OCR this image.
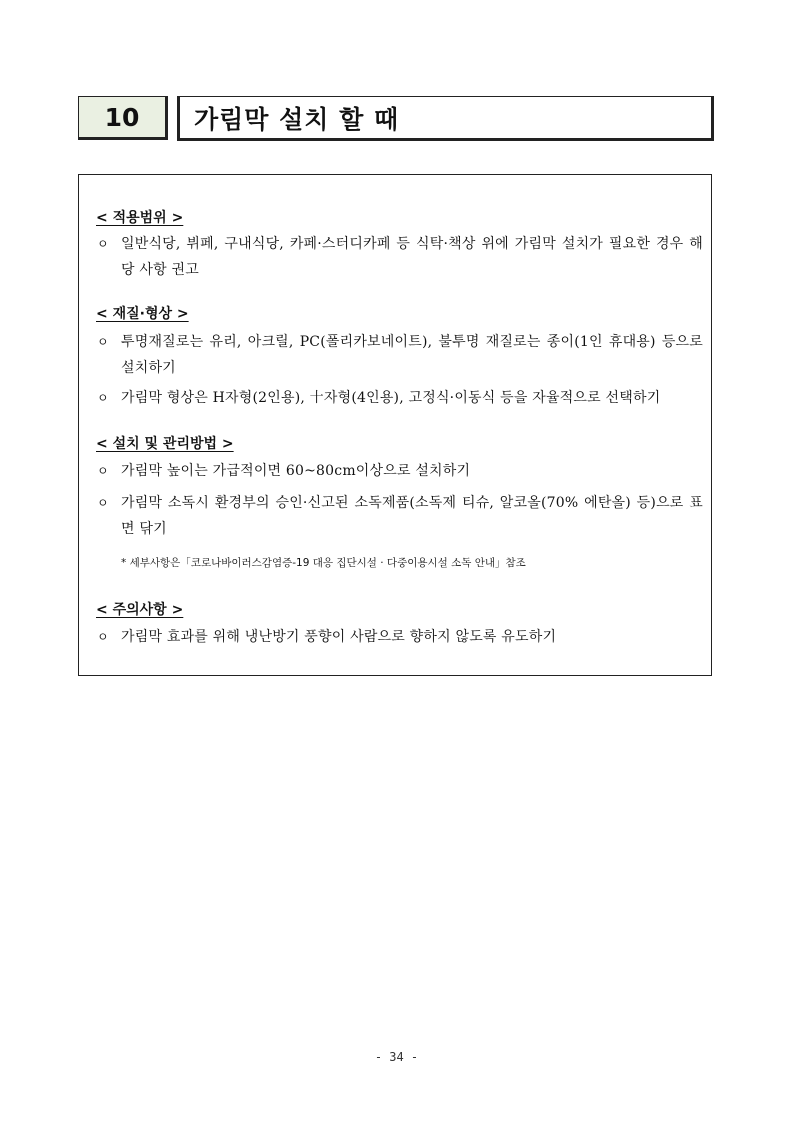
10	가림막 설치 할 때
< 적용범위 >
ㅇ 일반식당, 뷔페, 구내식당, 카페·스터디카페 등 식탁·책상 위에 가림막 설치가 필요한 경우 해당 사항 권고
< 재질·형상 >
ㅇ 투명재질로는 유리, 아크릴, PC(폴리카보네이트), 불투명 재질로는 종이(1인 휴대용) 등으로 설치하기
ㅇ 가림막 형상은 H자형(2인용), 十자형(4인용), 고정식·이동식 등을 자율적으로 선택하기
< 설치 및 관리방법 >
ㅇ 가림막 높이는 가급적이면 60~80cm이상으로 설치하기
ㅇ 가림막 소독시 환경부의 승인·신고된 소독제품(소독제 티슈, 알코올(70% 에탄올) 등)으로 표면 닦기
* 세부사항은「코로나바이러스감염증-19 대응 집단시설 · 다중이용시설 소독 안내」참조
< 주의사항 >
ㅇ 가림막 효과를 위해 냉난방기 풍향이 사람으로 향하지 않도록 유도하기
- 34 -
